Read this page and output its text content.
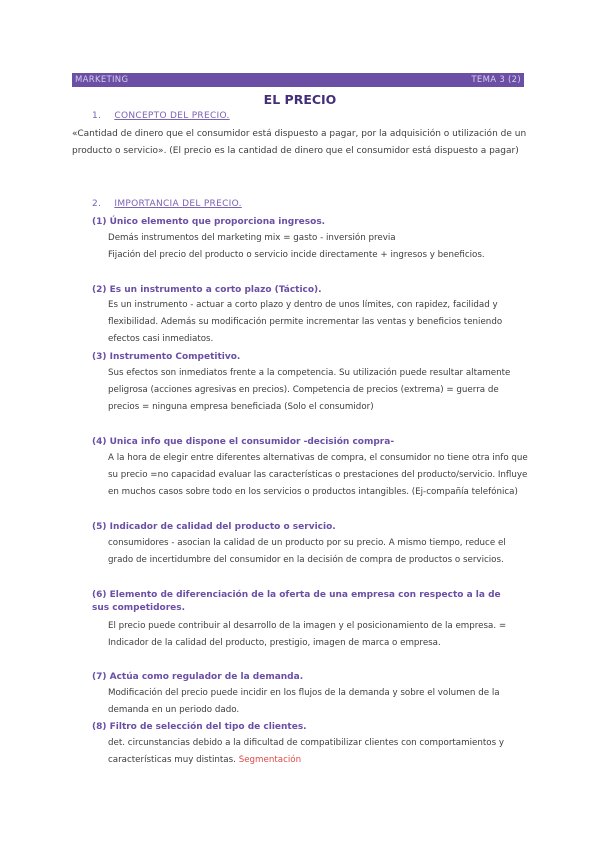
MARKETING	TEMA 3 (2)
EL PRECIO
1. CONCEPTO DEL PRECIO.
«Cantidad de dinero que el consumidor está dispuesto a pagar, por la adquisición o utilización de un producto o servicio». (El precio es la cantidad de dinero que el consumidor está dispuesto a pagar)
2. IMPORTANCIA DEL PRECIO.
(1) Único elemento que proporciona ingresos.
Demás instrumentos del marketing mix = gasto - inversión previa
Fijación del precio del producto o servicio incide directamente + ingresos y beneficios.
(2) Es un instrumento a corto plazo (Táctico).
Es un instrumento - actuar a corto plazo y dentro de unos límites, con rapidez, facilidad y flexibilidad. Además su modificación permite incrementar las ventas y beneficios teniendo efectos casi inmediatos.
(3) Instrumento Competitivo.
Sus efectos son inmediatos frente a la competencia. Su utilización puede resultar altamente peligrosa (acciones agresivas en precios). Competencia de precios (extrema) = guerra de precios = ninguna empresa beneficiada (Solo el consumidor)
(4) Unica info que dispone el consumidor -decisión compra-
A la hora de elegir entre diferentes alternativas de compra, el consumidor no tiene otra info que su precio =no capacidad evaluar las características o prestaciones del producto/servicio. Influye en muchos casos sobre todo en los servicios o productos intangibles. (Ej-compañía telefónica)
(5) Indicador de calidad del producto o servicio.
consumidores - asocian la calidad de un producto por su precio. A mismo tiempo, reduce el grado de incertidumbre del consumidor en la decisión de compra de productos o servicios.
(6) Elemento de diferenciación de la oferta de una empresa con respecto a la de sus competidores.
El precio puede contribuir al desarrollo de la imagen y el posicionamiento de la empresa. = Indicador de la calidad del producto, prestigio, imagen de marca o empresa.
(7) Actúa como regulador de la demanda.
Modificación del precio puede incidir en los flujos de la demanda y sobre el volumen de la demanda en un periodo dado.
(8) Filtro de selección del tipo de clientes.
det. circunstancias debido a la dificultad de compatibilizar clientes con comportamientos y características muy distintas. Segmentación
